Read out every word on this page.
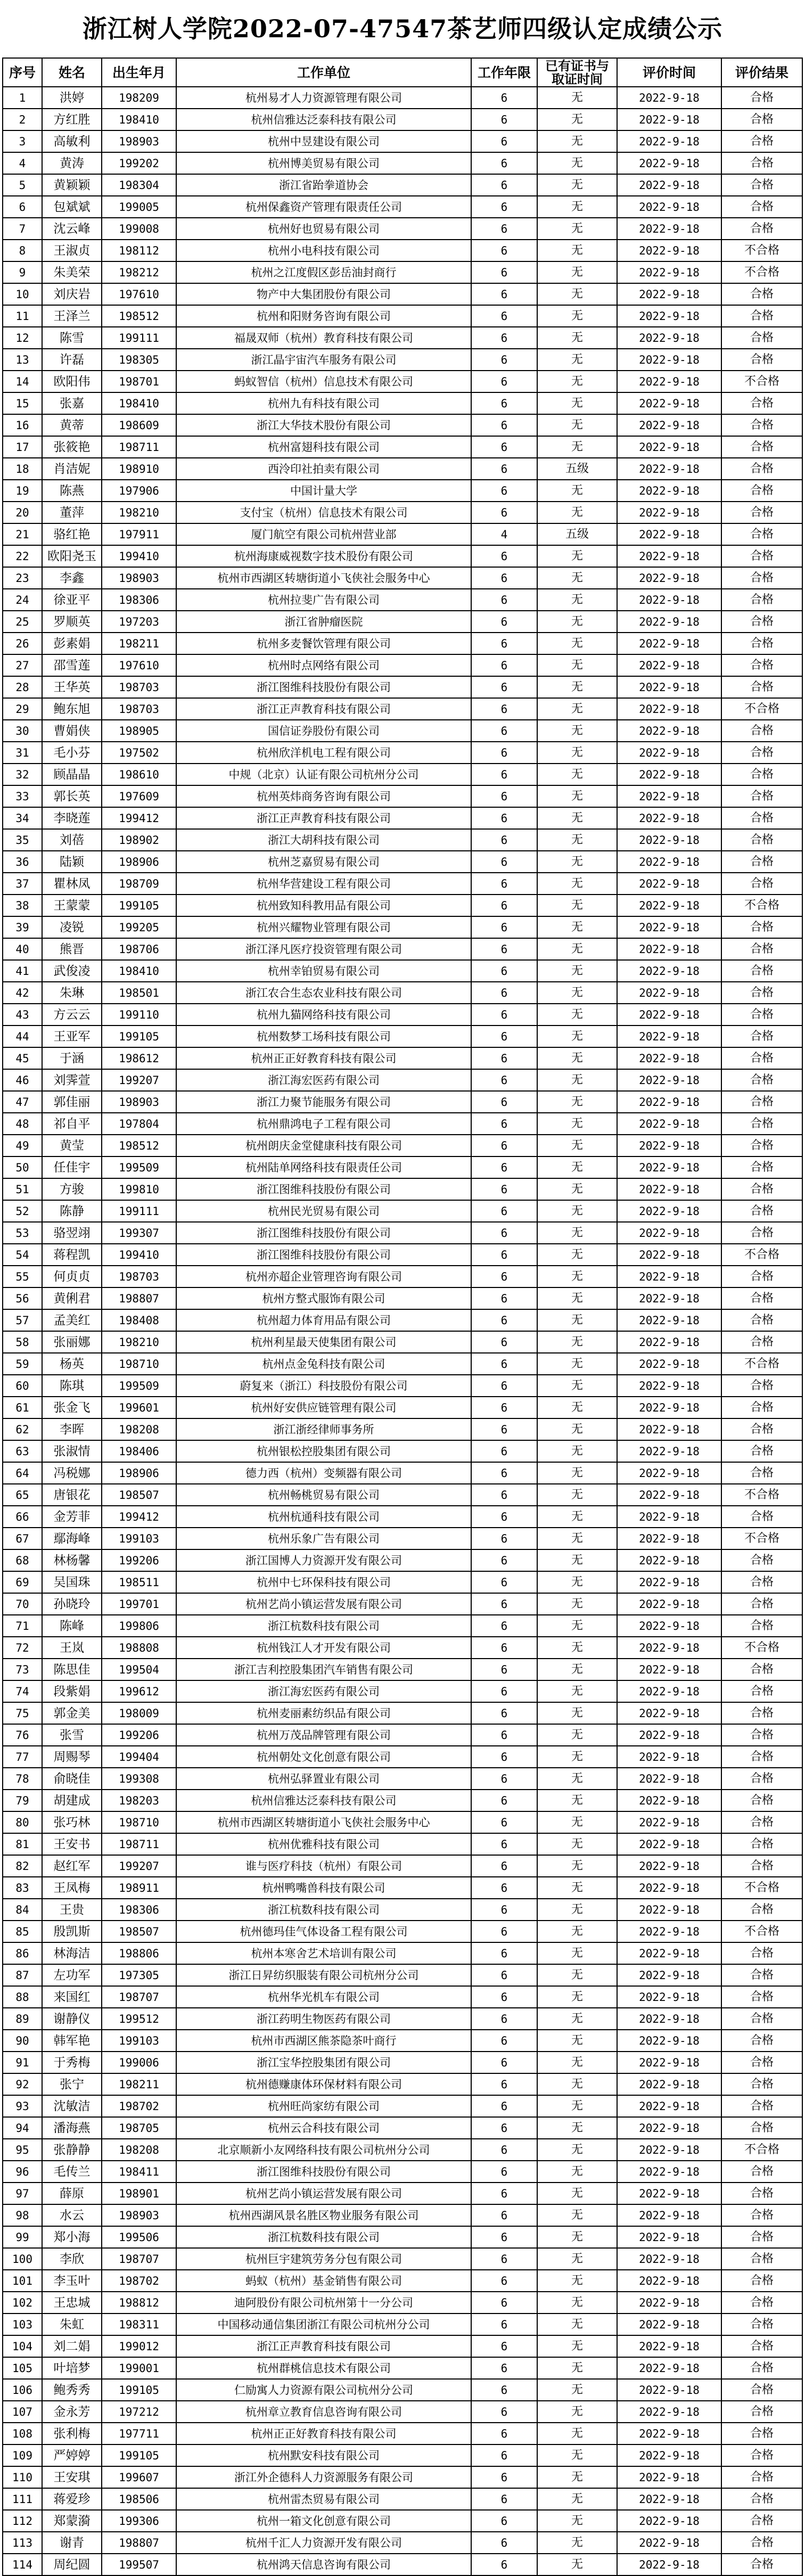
浙江树人学院2022-07-47547茶艺师四级认定成绩公示
序号	姓名	出生年月	工作单位	工作年限	已有证书与取证时间	评价时间	评价结果
1	洪婷	198209	杭州易才人力资源管理有限公司	6	无	2022-9-18	合格
2	方红胜	198410	杭州信雅达泛泰科技有限公司	6	无	2022-9-18	合格
3	高敏利	198903	杭州中昱建设有限公司	6	无	2022-9-18	合格
4	黄涛	199202	杭州博美贸易有限公司	6	无	2022-9-18	合格
5	黄颖颖	198304	浙江省跆拳道协会	6	无	2022-9-18	合格
6	包斌斌	199005	杭州保鑫资产管理有限责任公司	6	无	2022-9-18	合格
7	沈云峰	199008	杭州好也贸易有限公司	6	无	2022-9-18	合格
8	王淑贞	198112	杭州小电科技有限公司	6	无	2022-9-18	不合格
9	朱美荣	198212	杭州之江度假区彭岳油封商行	6	无	2022-9-18	不合格
10	刘庆岩	197610	物产中大集团股份有限公司	6	无	2022-9-18	合格
11	王泽兰	198512	杭州和阳财务咨询有限公司	6	无	2022-9-18	合格
12	陈雪	199111	福晟双师（杭州）教育科技有限公司	6	无	2022-9-18	合格
13	许磊	198305	浙江晶宇宙汽车服务有限公司	6	无	2022-9-18	合格
14	欧阳伟	198701	蚂蚁智信（杭州）信息技术有限公司	6	无	2022-9-18	不合格
15	张嘉	198410	杭州九有科技有限公司	6	无	2022-9-18	合格
16	黄蒂	198609	浙江大华技术股份有限公司	6	无	2022-9-18	合格
17	张筱艳	198711	杭州富翅科技有限公司	6	无	2022-9-18	合格
18	肖洁妮	198910	西泠印社拍卖有限公司	6	五级	2022-9-18	合格
19	陈燕	197906	中国计量大学	6	无	2022-9-18	合格
20	董萍	198210	支付宝（杭州）信息技术有限公司	6	无	2022-9-18	合格
21	骆红艳	197911	厦门航空有限公司杭州营业部	4	五级	2022-9-18	合格
22	欧阳尧玉	199410	杭州海康威视数字技术股份有限公司	6	无	2022-9-18	合格
23	李鑫	198903	杭州市西湖区转塘街道小飞侠社会服务中心	6	无	2022-9-18	合格
24	徐亚平	198306	杭州拉斐广告有限公司	6	无	2022-9-18	合格
25	罗顺英	197203	浙江省肿瘤医院	6	无	2022-9-18	合格
26	彭素娟	198211	杭州多麦餐饮管理有限公司	6	无	2022-9-18	合格
27	邵雪莲	197610	杭州时点网络有限公司	6	无	2022-9-18	合格
28	王华英	198703	浙江图维科技股份有限公司	6	无	2022-9-18	合格
29	鲍东旭	198703	浙江正声教育科技有限公司	6	无	2022-9-18	不合格
30	曹娟侠	198905	国信证券股份有限公司	6	无	2022-9-18	合格
31	毛小芬	197502	杭州欣洋机电工程有限公司	6	无	2022-9-18	合格
32	顾晶晶	198610	中规（北京）认证有限公司杭州分公司	6	无	2022-9-18	合格
33	郭长英	197609	杭州英炜商务咨询有限公司	6	无	2022-9-18	合格
34	李晓莲	199412	浙江正声教育科技有限公司	6	无	2022-9-18	合格
35	刘蓓	198902	浙江大胡科技有限公司	6	无	2022-9-18	合格
36	陆颖	198906	杭州芝嘉贸易有限公司	6	无	2022-9-18	合格
37	瞿林凤	198709	杭州华营建设工程有限公司	6	无	2022-9-18	合格
38	王蒙蒙	199105	杭州致知科教用品有限公司	6	无	2022-9-18	不合格
39	凌锐	199205	杭州兴耀物业管理有限公司	6	无	2022-9-18	合格
40	熊晋	198706	浙江泽凡医疗投资管理有限公司	6	无	2022-9-18	合格
41	武俊凌	198410	杭州幸铂贸易有限公司	6	无	2022-9-18	合格
42	朱琳	198501	浙江农合生态农业科技有限公司	6	无	2022-9-18	合格
43	方云云	199110	杭州九猫网络科技有限公司	6	无	2022-9-18	合格
44	王亚军	199105	杭州数梦工场科技有限公司	6	无	2022-9-18	合格
45	于涵	198612	杭州正正好教育科技有限公司	6	无	2022-9-18	合格
46	刘霁萱	199207	浙江海宏医药有限公司	6	无	2022-9-18	合格
47	郭佳丽	198903	浙江力聚节能服务有限公司	6	无	2022-9-18	合格
48	祁自平	197804	杭州鼎鸿电子工程有限公司	6	无	2022-9-18	合格
49	黄莹	198512	杭州朗庆金堂健康科技有限公司	6	无	2022-9-18	合格
50	任佳宇	199509	杭州陆单网络科技有限责任公司	6	无	2022-9-18	合格
51	方骏	199810	浙江图维科技股份有限公司	6	无	2022-9-18	合格
52	陈静	199111	杭州民光贸易有限公司	6	无	2022-9-18	合格
53	骆翌翊	199307	浙江图维科技股份有限公司	6	无	2022-9-18	合格
54	蒋程凯	199410	浙江图维科技股份有限公司	6	无	2022-9-18	不合格
55	何贞贞	198703	杭州亦超企业管理咨询有限公司	6	无	2022-9-18	合格
56	黄俐君	198807	杭州方整式服饰有限公司	6	无	2022-9-18	合格
57	孟美红	198408	杭州超力体育用品有限公司	6	无	2022-9-18	合格
58	张丽娜	198210	杭州利星最天使集团有限公司	6	无	2022-9-18	合格
59	杨英	198710	杭州点金兔科技有限公司	6	无	2022-9-18	不合格
60	陈琪	199509	蔚复来（浙江）科技股份有限公司	6	无	2022-9-18	合格
61	张金飞	199601	杭州好安供应链管理有限公司	6	无	2022-9-18	合格
62	李晖	198208	浙江浙经律师事务所	6	无	2022-9-18	合格
63	张淑情	198406	杭州银松控股集团有限公司	6	无	2022-9-18	合格
64	冯税娜	198906	德力西（杭州）变频器有限公司	6	无	2022-9-18	合格
65	唐银花	198507	杭州畅桃贸易有限公司	6	无	2022-9-18	不合格
66	金芳菲	199412	杭州杭通科技有限公司	6	无	2022-9-18	合格
67	鄢海峰	199103	杭州乐象广告有限公司	6	无	2022-9-18	不合格
68	林杨馨	199206	浙江国博人力资源开发有限公司	6	无	2022-9-18	合格
69	吴国珠	198511	杭州中七环保科技有限公司	6	无	2022-9-18	合格
70	孙晓玲	199701	杭州艺尚小镇运营发展有限公司	6	无	2022-9-18	合格
71	陈峰	199806	浙江杭数科技有限公司	6	无	2022-9-18	合格
72	王岚	198808	杭州钱江人才开发有限公司	6	无	2022-9-18	不合格
73	陈思佳	199504	浙江吉利控股集团汽车销售有限公司	6	无	2022-9-18	合格
74	段紫娟	199612	浙江海宏医药有限公司	6	无	2022-9-18	合格
75	郭金美	198009	杭州麦丽素纺织品有限公司	6	无	2022-9-18	合格
76	张雪	199206	杭州万茂品牌管理有限公司	6	无	2022-9-18	合格
77	周赐琴	199404	杭州朝处文化创意有限公司	6	无	2022-9-18	合格
78	俞晓佳	199308	杭州弘驿置业有限公司	6	无	2022-9-18	合格
79	胡建成	198203	杭州信雅达泛泰科技有限公司	6	无	2022-9-18	合格
80	张巧林	198710	杭州市西湖区转塘街道小飞侠社会服务中心	6	无	2022-9-18	合格
81	王安书	198711	杭州优雅科技有限公司	6	无	2022-9-18	合格
82	赵红军	199207	谁与医疗科技（杭州）有限公司	6	无	2022-9-18	合格
83	王凤梅	198911	杭州鸭嘴兽科技有限公司	6	无	2022-9-18	不合格
84	王贵	198306	浙江杭数科技有限公司	6	无	2022-9-18	合格
85	殷凯斯	198507	杭州德玛佳气体设备工程有限公司	6	无	2022-9-18	不合格
86	林海洁	198806	杭州本寒舍艺术培训有限公司	6	无	2022-9-18	合格
87	左功军	197305	浙江日昇纺织服装有限公司杭州分公司	6	无	2022-9-18	合格
88	来国红	198707	杭州华光机车有限公司	6	无	2022-9-18	合格
89	谢静仪	199512	浙江药明生物医药有限公司	6	无	2022-9-18	合格
90	韩军艳	199103	杭州市西湖区熊茶隐茶叶商行	6	无	2022-9-18	合格
91	于秀梅	199006	浙江宝华控股集团有限公司	6	无	2022-9-18	合格
92	张宁	198211	杭州德赚康体环保材料有限公司	6	无	2022-9-18	合格
93	沈敏洁	198702	杭州旺尚家纺有限公司	6	无	2022-9-18	合格
94	潘海燕	198705	杭州云合科技有限公司	6	无	2022-9-18	合格
95	张静静	198208	北京顺新小友网络科技有限公司杭州分公司	6	无	2022-9-18	不合格
96	毛传兰	198411	浙江图维科技股份有限公司	6	无	2022-9-18	合格
97	薛原	198901	杭州艺尚小镇运营发展有限公司	6	无	2022-9-18	合格
98	水云	198903	杭州西湖风景名胜区物业服务有限公司	6	无	2022-9-18	合格
99	郑小海	199506	浙江杭数科技有限公司	6	无	2022-9-18	合格
100	李欣	198707	杭州巨宇建筑劳务分包有限公司	6	无	2022-9-18	合格
101	李玉叶	198702	蚂蚁（杭州）基金销售有限公司	6	无	2022-9-18	合格
102	王忠城	198812	迪阿股份有限公司杭州第十一分公司	6	无	2022-9-18	合格
103	朱虹	198311	中国移动通信集团浙江有限公司杭州分公司	6	无	2022-9-18	合格
104	刘二娟	199012	浙江正声教育科技有限公司	6	无	2022-9-18	合格
105	叶培梦	199001	杭州群桃信息技术有限公司	6	无	2022-9-18	合格
106	鲍秀秀	199105	仁励寓人力资源有限公司杭州分公司	6	无	2022-9-18	合格
107	金永芳	197212	杭州章立教育信息咨询有限公司	6	无	2022-9-18	合格
108	张利梅	197711	杭州正正好教育科技有限公司	6	无	2022-9-18	合格
109	严婷婷	199105	杭州默安科技有限公司	6	无	2022-9-18	合格
110	王安琪	199607	浙江外企德科人力资源服务有限公司	6	无	2022-9-18	合格
111	蒋爱珍	198506	杭州雷杰贸易有限公司	6	无	2022-9-18	合格
112	郑蒙漪	199306	杭州一箱文化创意有限公司	6	无	2022-9-18	合格
113	谢青	198807	杭州千汇人力资源开发有限公司	6	无	2022-9-18	合格
114	周纪圆	199507	杭州鸿天信息咨询有限公司	6	无	2022-9-18	合格
